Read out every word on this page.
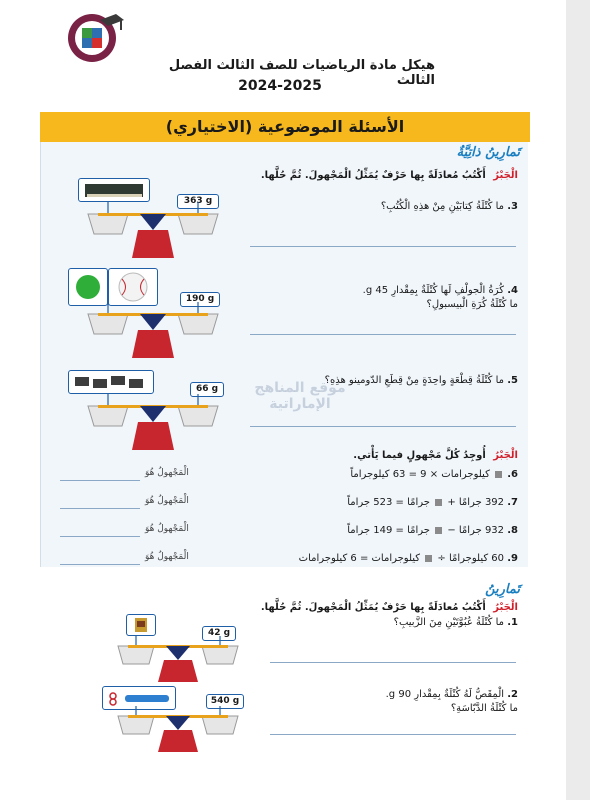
هيكل مادة الرياضيات للصف الثالث الفصل الثالث
2024-2025
الأسئلة الموضوعية (الاختياري)
تَمارِينُ ذاتِيَّةٌ
الْجَبْرُ أَكْتُبُ مُعادَلَةً بِها حَرْفٌ يُمَثِّلُ الْمَجْهولَ. ثُمَّ حُلَّها.
3. ما كُتْلَةُ كِتابَيْنِ مِنْ هذِهِ الْكُتُبِ؟
363 g
4. كُرَةُ الْجولْفِ لَها كُتْلَةٌ بِمِقْدارِ 45 g.
ما كُتْلَةُ كُرَةِ الْبيسبولِ؟
190 g
5. ما كُتْلَةُ قِطْعَةٍ واحِدَةٍ مِنْ قِطَعِ الدّومينو هذِهِ؟
66 g	موقع المناهج الإماراتية
الْجَبْرُ أُوجِدُ كُلَّ مَجْهولٍ فيما يَأْتي.
6.  كيلوجرامات × 9 = 63 كيلوجراماً
الْمَجْهولُ هُوَ
7. 392 جرامًا +  جرامًا = 523 جراماً
الْمَجْهولُ هُوَ
8. 932 جرامًا −  جرامًا = 149 جراماً
الْمَجْهولُ هُوَ
9. 60 كيلوجرامًا ÷  كيلوجرامات = 6 كيلوجرامات
الْمَجْهولُ هُوَ
تَمارِينُ
الْجَبْرُ أَكْتُبُ مُعادَلَةً بِها حَرْفٌ يُمَثِّلُ الْمَجْهولَ. ثُمَّ حُلَّها.
1. ما كُتْلَةُ عُبُوَّتَيْنِ مِنَ الزَّبيبِ؟
42 g
2. الْمِقَصُّ لَهُ كُتْلَةٌ بِمِقْدارِ 90 g.
ما كُتْلَةُ الدَّبّاسَةِ؟
540 g
